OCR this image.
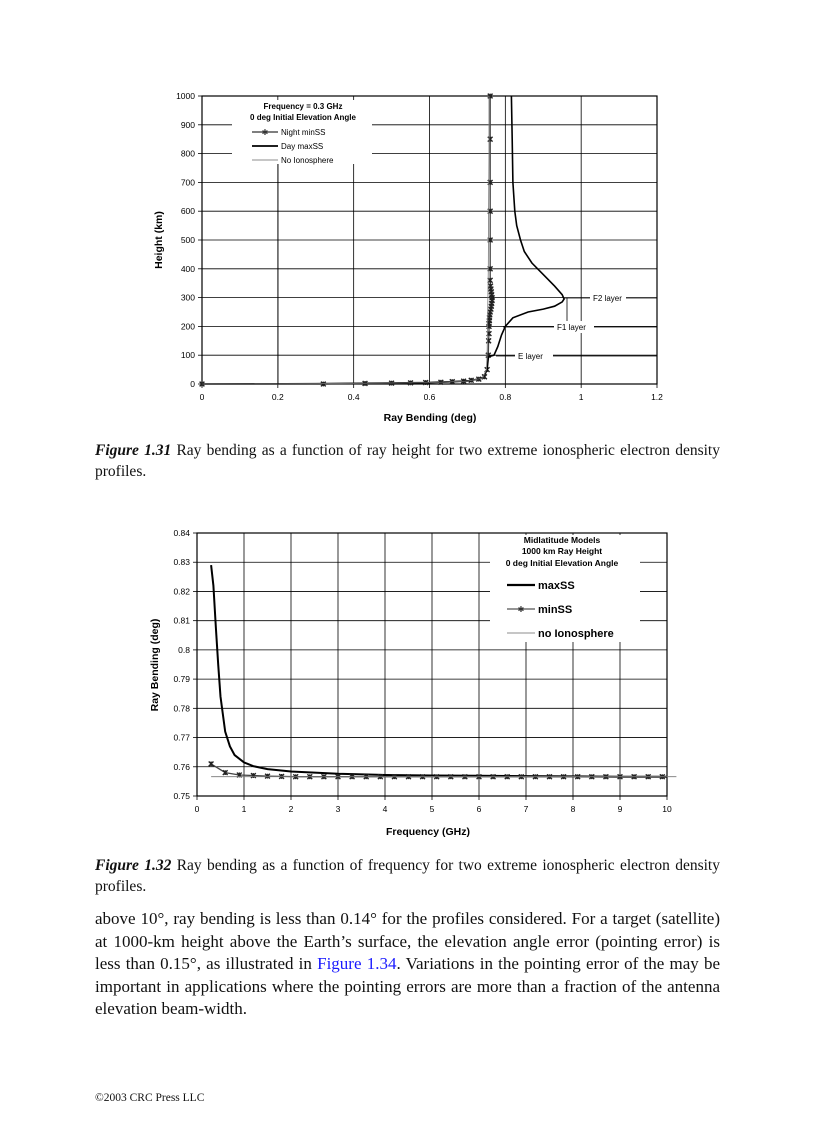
0	0.2	0.4	0.6	0.8	1	1.2
0
100
200
300
400
500
600
700
800
900
1000
Frequency = 0.3 GHz
0 deg Initial Elevation Angle
✱ Night minSS
Day maxSS
No Ionosphere
F2 layer
F1 layer
E layer
Ray Bending (deg)
Height (km)
Figure 1.31 Ray bending as a function of ray height for two extreme ionospheric electron density profiles.
0	1	2	3	4	5	6	7	8	9	10
0.75
0.76
0.77
0.78
0.79
0.8
0.81
0.82
0.83
0.84
Midlatitude Models
1000 km Ray Height
0 deg Initial Elevation Angle
maxSS
✱ minSS
no Ionosphere
Frequency (GHz)
Ray Bending (deg)
Figure 1.32 Ray bending as a function of frequency for two extreme ionospheric electron density profiles.
above 10°, ray bending is less than 0.14° for the profiles considered. For a target (satellite) at 1000-km height above the Earth’s surface, the elevation angle error (pointing error) is less than 0.15°, as illustrated in Figure 1.34. Variations in the pointing error of the may be important in applications where the pointing errors are more than a fraction of the antenna elevation beam-width.
©2003 CRC Press LLC
